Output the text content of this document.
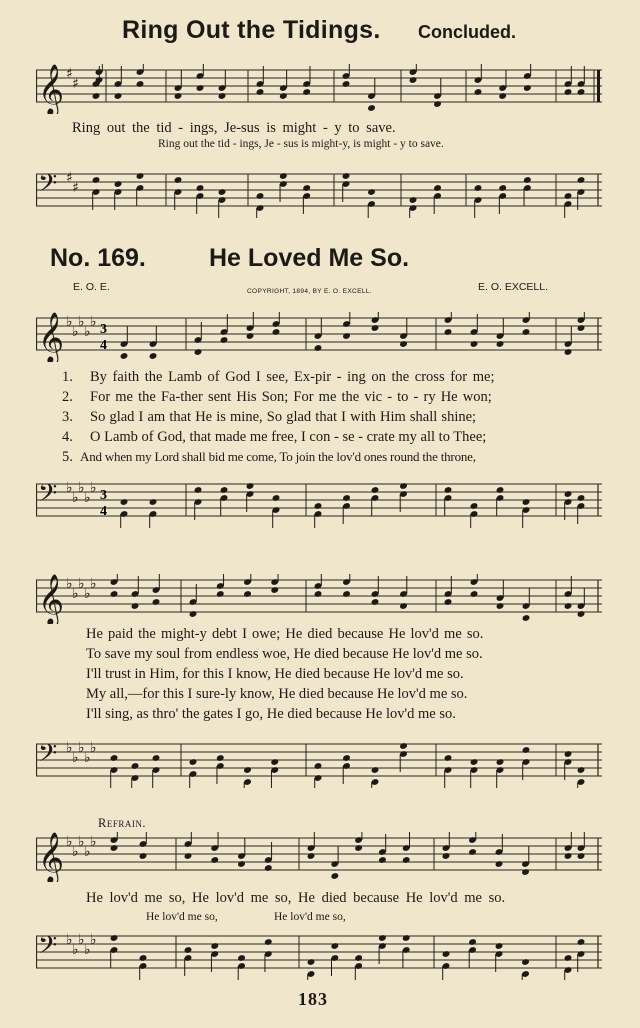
Ring Out the Tidings. Concluded.
𝄞 ♯
♯
Ring out the tid - ings, Je-sus is might - y to save.
Ring out the tid - ings, Je - sus is might-y, is might - y to save.
𝄢 ♯
♯
No. 169.	He Loved Me So.
E. O. E.	COPYRIGHT, 1894, BY E. O. EXCELL.	E. O. EXCELL.
𝄞 ♭
♭
♭
♭
♭ 3
4
1. By faith the Lamb of God I see, Ex-pir - ing on the cross for me;
2. For me the Fa-ther sent His Son; For me the vic - to - ry He won;
3. So glad I am that He is mine, So glad that I with Him shall shine;
4. O Lamb of God, that made me free, I con - se - crate my all to Thee;
5. And when my Lord shall bid me come, To join the lov'd ones round the throne,
𝄢 ♭
♭
♭
♭
♭ 3
4
𝄞 ♭
♭
♭
♭
♭
He paid the might-y debt I owe; He died because He lov'd me so.
To save my soul from endless woe, He died because He lov'd me so.
I'll trust in Him, for this I know, He died because He lov'd me so.
My all,—for this I sure-ly know, He died because He lov'd me so.
I'll sing, as thro' the gates I go, He died because He lov'd me so.
𝄢 ♭
♭
♭
♭
♭
Refrain.
𝄞 ♭
♭
♭
♭
♭
He lov'd me so, He lov'd me so, He died because He lov'd me so.
He lov'd me so,	He lov'd me so,
𝄢 ♭
♭
♭
♭
♭
183
